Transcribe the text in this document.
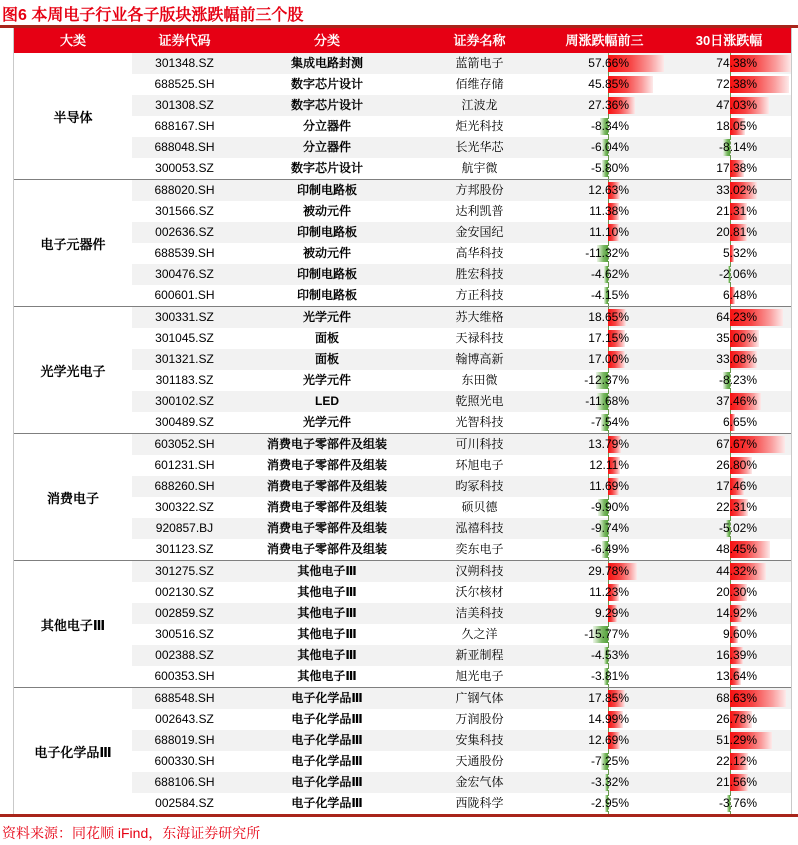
图6 本周电子行业各子版块涨跌幅前三个股
大类	证券代码	分类	证券名称	周涨跌幅前三	30日涨跌幅
半导体
301348.SZ	集成电路封测	蓝箭电子	57.66%	74.38%
688525.SH	数字芯片设计	佰维存储	45.85%	72.38%
301308.SZ	数字芯片设计	江波龙	27.36%	47.03%
688167.SH	分立器件	炬光科技	-8.34%	18.05%
688048.SH	分立器件	长光华芯	-6.04%	-8.14%
300053.SZ	数字芯片设计	航宇微	-5.80%	17.38%
电子元器件
688020.SH	印制电路板	方邦股份	12.63%	33.02%
301566.SZ	被动元件	达利凯普	11.38%	21.31%
002636.SZ	印制电路板	金安国纪	11.10%	20.81%
688539.SH	被动元件	高华科技	-11.32%	5.32%
300476.SZ	印制电路板	胜宏科技	-4.62%	-2.06%
600601.SH	印制电路板	方正科技	-4.15%	6.48%
光学光电子
300331.SZ	光学元件	苏大维格	18.65%	64.23%
301045.SZ	面板	天禄科技	17.15%	35.00%
301321.SZ	面板	翰博高新	17.00%	33.08%
301183.SZ	光学元件	东田微	-12.37%	-8.23%
300102.SZ	LED	乾照光电	-11.68%	37.46%
300489.SZ	光学元件	光智科技	-7.54%	6.65%
消费电子
603052.SH	消费电子零部件及组装	可川科技	13.79%	67.67%
601231.SH	消费电子零部件及组装	环旭电子	12.11%	26.80%
688260.SH	消费电子零部件及组装	昀冢科技	11.69%	17.46%
300322.SZ	消费电子零部件及组装	硕贝德	-9.90%	22.31%
920857.BJ	消费电子零部件及组装	泓禧科技	-9.74%	-5.02%
301123.SZ	消费电子零部件及组装	奕东电子	-6.49%	48.45%
其他电子Ⅲ
301275.SZ	其他电子Ⅲ	汉朔科技	29.78%	44.32%
002130.SZ	其他电子Ⅲ	沃尔核材	11.23%	20.30%
002859.SZ	其他电子Ⅲ	洁美科技	9.29%	14.92%
300516.SZ	其他电子Ⅲ	久之洋	-15.77%	9.60%
002388.SZ	其他电子Ⅲ	新亚制程	-4.53%	16.39%
600353.SH	其他电子Ⅲ	旭光电子	-3.81%	13.64%
电子化学品Ⅲ
688548.SH	电子化学品Ⅲ	广钢气体	17.85%	68.63%
002643.SZ	电子化学品Ⅲ	万润股份	14.99%	26.78%
688019.SH	电子化学品Ⅲ	安集科技	12.69%	51.29%
600330.SH	电子化学品Ⅲ	天通股份	-7.25%	22.12%
688106.SH	电子化学品Ⅲ	金宏气体	-3.32%	21.56%
002584.SZ	电子化学品Ⅲ	西陇科学	-2.95%	-3.76%
资料来源：同花顺 iFind，东海证券研究所
